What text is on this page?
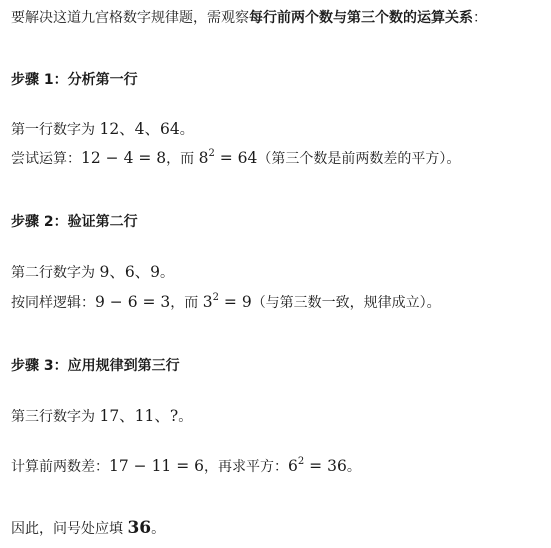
要解决这道九宫格数字规律题，需观察每行前两个数与第三个数的运算关系：
步骤 1：分析第一行
第一行数字为 12、4、64。
尝试运算：12 − 4 = 8，而 $8^2 = 64$（第三个数是前两数差的平方）。
步骤 2：验证第二行
第二行数字为 9、6、9。
按同样逻辑：9 − 6 = 3，而 $3^2 = 9$（与第三数一致，规律成立）。
步骤 3：应用规律到第三行
第三行数字为 17、11、?。
计算前两数差：17 − 11 = 6，再求平方：$6^2 = 36$。
因此，问号处应填 36。
